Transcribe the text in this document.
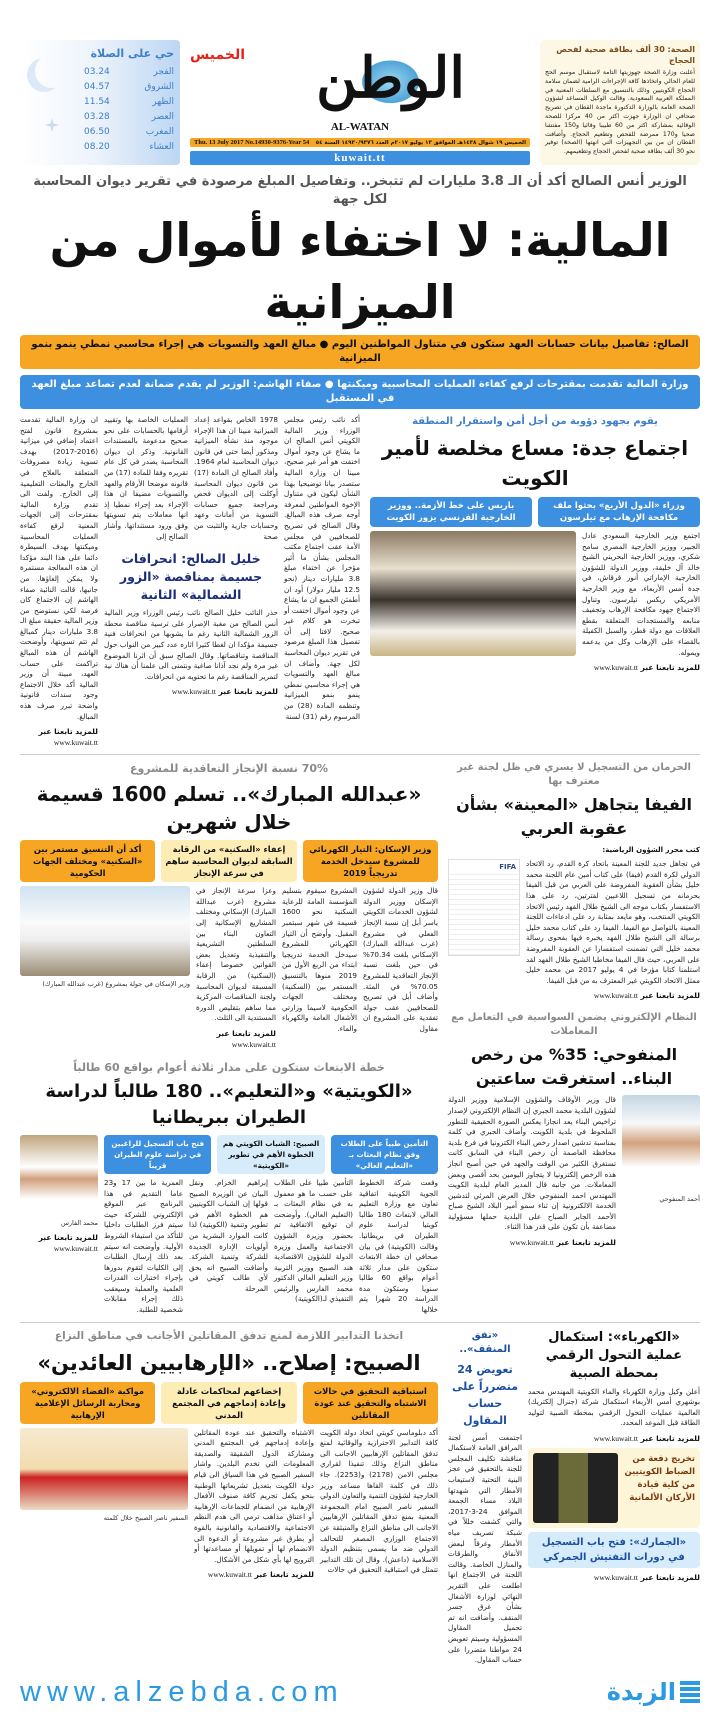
الصحة: 30 ألف بطاقة صحية لفحص الحجاج
أعلنت وزارة الصحة جهوزيتها التامة لاستقبال موسم الحج للعام الحالي واتخاذها كافة الإجراءات الرامية لضمان سلامة الحجاج الكويتيين وذلك بالتنسيق مع السلطات المعنية في المملكة العربية السعودية. وقالت الوكيل المساعد لشؤون الصحة العامة بالوزارة الدكتورة ماجدة القطان في تصريح صحافي ان الوزارة جهزت اكثر من 40 مركزا للصحة الوقائية بمشاركة اكثر من 60 طبيبا وقائيا و150 مفتشا صحيا و170 ممرضة للفحص وتطعيم الحجاج. وأضافت القطان ان من بين التجهيزات التي انهتها (الصحة) توفير نحو 30 ألف بطاقة صحية لفحص الحجاج وتطعيمهم.
الخميس	الوطن
AL-WATAN
Thu. 13 July 2017 No.14930-9376-Year 54 الخميس ١٩ شوال ١٤٣٨هـ الموافق ١٣ يوليو ٢٠١٧م العدد ١٤٩٣٠/٩٣٧٦ السنة ٥٤
kuwait.tt
حي على الصلاة
الفجر
03.24
الشروق
04.57
الظهر
11.54
العصر
03.28
المغرب
06.50
العشاء
08.20
الوزير أنس الصالح أكد أن الـ 3.8 مليارات لم تتبخر.. وتفاصيل المبلغ مرصودة في تقرير ديوان المحاسبة لكل جهة
المالية: لا اختفاء لأموال من الميزانية
الصالح: تفاصيل بيانات حسابات العهد ستكون في متناول المواطنين اليوم ● مبالغ العهد والتسويات هي إجراء محاسبي نمطي ينمو بنمو الميزانية
وزارة المالية تقدمت بمقترحات لرفع كفاءة العمليات المحاسبية وميكنتها ● صفاء الهاشم: الوزير لم يقدم ضمانة لعدم تصاعد مبلغ العهد في المستقبل
يقوم بجهود دؤوبة من أجل أمن واستقرار المنطقة
اجتماع جدة: مساع مخلصة لأمير الكويت
وزراء «الدول الأربع» بحثوا ملف مكافحة الإرهاب مع تيلرسون
باريس على خط الأزمة.. ووزير الخارجية الفرنسي يزور الكويت
اجتمع وزير الخارجية السعودي عادل الجبير، ووزير الخارجية المصري سامح شكري، ووزير الخارجية البحريني الشيخ خالد آل خليفة، ووزير الدولة للشؤون الخارجية الإماراتي أنور قرقاش، في جدة أمس الأربعاء، مع وزير الخارجية الأمريكي ريكس تيلرسون. وتناول الاجتماع جهود مكافحة الإرهاب وتجفيف منابعه والمستجدات المتعلقة بقطع العلاقات مع دولة قطر، والسبل الكفيلة بالقضاء على الإرهاب وكل من يدعمه ويموله.
للمزيد تابعنا عبر www.kuwait.tt
أكد نائب رئيس مجلس الوزراء وزير المالية الكويتي أنس الصالح ان ما يشاع عن وجود أموال اختفت هو أمر غير صحيح، مبينا ان وزارة المالية ستصدر بيانا توضيحيا بهذا الشأن ليكون في متناول الإخوة المواطنين لمعرفة أوجه صرف هذه المبالغ. وقال الصالح في تصريح للصحافيين في مجلس الأمة عقب اجتماع مكتب المجلس بشأن ما أثير مؤخرا عن اختفاء مبلغ 3.8 مليارات دينار (نحو 12.5 مليار دولار) أود ان أطمئن الجميع ان ما يشاع عن وجود أموال اختفت أو تبخرت هو كلام غير صحيح. لافتا إلى أن تفصيل هذا المبلغ مرصود في تقرير ديوان المحاسبة لكل جهة. وأضاف ان مبالغ العهد والتسويات هي إجراء محاسبي نمطي ينمو بنمو الميزانية وتنظمه المادة (28) من المرسوم رقم (31) لسنة
1978 الخاص بقواعد إعداد الميزانية مبينا ان هذا الإجراء موجود منذ نشأة الميزانية ومذكور أيضا حتى في قانون ديوان المحاسبة لعام 1964. وأفاد الصالح ان المادة (17) من قانون ديوان المحاسبة أوكلت إلى الديوان فحص ومراجعة جميع حسابات التسوية من أمانات وعهد وحسابات جارية والتثبت من صحة
العمليات الخاصة بها وتقييد أرقامها بالحسابات على نحو صحيح مدعومة بالمستندات القانونية. وذكر ان ديوان المحاسبة يصدر في كل عام تقريره وفقا للمادة (17) من قانونه موضحا الأرقام والعهد والتسويات مضيفا ان هذا الإجراء بعد إجراء نمطيا إذ انها معاملات يتم تسويتها وفق ورود مستنداتها. وأشار الصالح إلى
خليل الصالح: انحرافات جسيمة بمناقصة «الزور الشمالية» الثانية
حذر النائب خليل الصالح نائب رئيس الوزراء وزير المالية أنس الصالح من مغبة الإصرار على ترسية مناقصة محطة الزور الشمالية الثانية رغم ما يشوبها من انحرافات فنية جسيمة مؤكدا ان لغطا كثيرا اثاره عدد كبير من النواب حول المناقصة وتناقضاتها. وقال الصالح سبق أن اثرنا الموضوع غير مرة ولم نجد آذانا صاغية ونتمنى الى علمنا أن هناك نية لتمرير المناقصة رغم ما تحتويه من انحرافات.
للمزيد تابعنا عبر www.kuwait.tt
ان وزارة المالية تقدمت بمشروع قانون لفتح اعتماد إضافي في ميزانية (2016-2017) بهدف تسوية زيادة مصروفات المتعلقة بالعلاج في الخارج والبعثات التعليمية إلى الخارج. ولفت الى تقدم وزارة المالية بمقترحات إلى الجهات المعنية لرفع كفاءة العمليات المحاسبية وميكنتها بهدف السيطرة دائما على هذا البند مؤكدا ان هذه المعالجة مستمرة ولا يمكن إلغاؤها. من جانبها، قالت النائبة صفاء الهاشم إن الاجتماع كان فرصة لكي نستوضح من وزير المالية حقيقة مبلغ الـ 3.8 مليارات دينار كمبالغ لم تتم تسويتها، وأوضحت الهاشم أن هذه المبالغ تراكمت على حساب العهد، مبينة أن وزير المالية أكد خلال الاجتماع وجود سندات قانونية واضحة تبرر صرف هذه المبالغ.
للمزيد تابعنا عبر
www.kuwait.tt
الحرمان من التسجيل لا يسري في ظل لجنة غير معترف بها
الفيفا يتجاهل «المعينة» بشأن عقوبة العربي
كتب محرر الشؤون الرياضية:
في تجاهل جديد للجنة المعينة باتحاد كرة القدم، رد الاتحاد الدولي لكرة القدم (فيفا) على كتاب أمين عام اللجنة محمد خليل بشأن العقوبة المفروضة على العربي من قبل الفيفا بحرمانه من تسجيل اللاعبين لفترتين، رد على هذا الاستفسار بكتاب موجه الى الشيخ طلال الفهد رئيس الاتحاد الكويتي المنتخب، وهو مايعد بمثابة رد على ادعاءات اللجنة المعينة بالتواصل مع الفيفا. الفيفا رد على كتاب محمد خليل برسالة الى الشيخ طلال الفهد يخبره فيها بفحوى رسالة محمد خليل التي تضمنت استفسارا عن العقوبة المفروضة على العربي، حيث قال الفيفا مخاطبا الشيخ طلال الفهد لقد استلمنا كتابا مؤرخا في 4 يوليو 2017 من محمد خليل ممثل الاتحاد الكويتي غير المعترف به من قبل الفيفا.
للمزيد تابعنا عبر www.kuwait.tt
FIFA
النظام الإلكتروني يضمن السواسية في التعامل مع المعاملات
المنفوحي: 35% من رخص البناء.. استغرقت ساعتين
أحمد المنفوحي
قال وزير الأوقاف والشؤون الإسلامية ووزير الدولة لشؤون البلدية محمد الجبري إن النظام الإلكتروني لإصدار تراخيص البناء يعد انجازا يعكس الصورة الحقيقية للتطور الملحوظ في بلدية الكويت. وأضاف الجبري في كلمة بمناسبة تدشين اصدار رخص البناء الكترونيا في فرع بلدية محافظة العاصمة أن رخص البناء في السابق كانت تستغرق الكثير من الوقت والجهد في حين أصبح انجاز هذه الرخص إلكترونيا لا يتجاوز اليومين بحد أقصى وبعض المعاملات. من جانبه قال المدير العام لبلدية الكويت المهندس احمد المنفوحي خلال العرض المرئي لتدشين الخدمة الالكترونية إن ثناء سمو أمير البلاد الشيخ صباح الأحمد الجابر الصباح على البلدية حملها مسؤولية مضاعفة بأن تكون على قدر هذا الثناء.
للمزيد تابعنا عبر www.kuwait.tt
70% نسبة الإنجاز التعاقدية للمشروع
«عبدالله المبارك».. تسلم 1600 قسيمة خلال شهرين
وزير الإسكان: التيار الكهربائي للمشروع سيدخل الخدمة تدريجياً 2019
إعفاء «السكنية» من الرقابة السابقة لديوان المحاسبة ساهم في سرعة الإنجاز
أكد أن التنسيق مستمر بين «السكنية» ومختلف الجهات الحكومية
قال وزير الدولة لشؤون الإسكان ووزير الدولة لشؤون الخدمات الكويتي ياسر أبل إن نسبة الإنجاز الفعلي في مشروع (غرب عبدالله المبارك) الإسكاني بلغت 70.34% في حين بلغت نسبة الإنجاز التعاقدية للمشروع 70.05% في المئة. وأضاف أبل في تصريح للصحافيين عقب جولة تفقدية على المشروع ان مقاول
المشروع سيقوم بتسليم المؤسسة العامة للرعاية السكنية نحو 1600 قسيمة في شهر سبتمبر المقبل. وأوضح أن التيار الكهربائي للمشروع سيدخل الخدمة تدريجيا ابتداء من الربع الأول من 2019 منوها بالتنسيق المستمر بين (السكنية) ومختلف الجهات الحكومية لاسيما وزارتي الأشغال العامة والكهرباء والماء.
وعزا سرعة الإنجاز في مشروع (غرب عبدالله المبارك) الإسكاني ومختلف المشاريع الإسكانية إلى التعاون البناء بين السلطتين التشريعية والتنفيذية وتعديل بعض القوانين خصوصا إعفاء (السكنية) من الرقابة المسبقة لديوان المحاسبة ولجنة المناقصات المركزية مما ساهم بتقليص الدورة المستندية الى الثلث.
للمزيد تابعنا عبر
www.kuwait.tt
وزير الإسكان في جولة بمشروع (غرب عبدالله المبارك)
خطة الابتعاث ستكون على مدار ثلاثة أعوام بواقع 60 طالباً
«الكويتية» و«التعليم».. 180 طالباً لدراسة الطيران ببريطانيا
التأمين طبياً على الطلاب وفق نظام البعثات بـ «التعليم العالي»
الصبيح: الشباب الكويتي هم الخطوة الأهم في تطوير «الكويتية»
فتح باب التسجيل للراغبين في دراسة علوم الطيران قريباً
وقعت شركة الخطوط الجوية الكويتية اتفاقية تعاون مع وزارة التعليم العالي لابتعاث 180 طالبا كويتيا لدراسة علوم الطيران في بريطانيا. وقالت (الكويتية) في بيان صحافي ان خطة الابتعاث ستكون على مدار ثلاثة أعوام بواقع 60 طالبا سنويا وستكون مدة الدراسة 20 شهرا يتم خلالها
التأمين طبيا على الطلاب على حسب ما هو معمول به في نظام البعثات بـ (التعليم العالي). وأوضحت ان توقيع الاتفاقية تم بحضور وزيرة الشؤون الاجتماعية والعمل وزيرة الدولة للشؤون الاقتصادية هند الصبيح ووزير التربية وزير التعليم العالي الدكتور محمد الفارس والرئيس التنفيذي لـ(الكويتية)
إبراهيم الخزام. ونقل البيان عن الوزيرة الصبيح قولها إن الشباب الكويتيين هم الخطوة الأهم في تطوير وتنمية (الكويتية) لذا كانت الموارد البشرية من أولويات الإدارة الجديدة للشركة وتنمية الشركة. وأضافت الصبيح انه يحق لأي طالب كويتي في المرحلة
العمرية ما بين 17 و23 عاما التقديم في هذا البرنامج عبر الموقع الإلكتروني للشركة حيث سيتم فرز الطلبات داخليا للتأكد من استيفاء الشروط الأولية. وأوضحت انه سيتم بعد ذلك إرسال الطلبات إلى الكليات لتقوم بدورها بإجراء اختبارات القدرات العلمية والعملية وسيعقب ذلك إجراء مقابلات شخصية للطلبة.
محمد الفارس
للمزيد تابعنا عبر
www.kuwait.tt
«الكهرباء»: استكمال عملية التحول الرقمي بمحطة الصبية
أعلن وكيل وزارة الكهرباء والماء الكويتية المهندس محمد بوشهري أمس الأربعاء استكمال شركة (جنرال إلكتريك) العالمية عمليات التحول الرقمي بمحطة الصبية لتوليد الطاقة قبل الموعد المحدد.
للمزيد تابعنا عبر www.kuwait.tt
تخريج دفعة من الضباط الكويتيين من كلية قيادة الأركان الألمانية
«الجمارك»: فتح باب التسجيل في دورات التفتيش الجمركي
للمزيد تابعنا عبر www.kuwait.tt
«نفق المنقف»..
تعويض 24 متضرراً على حساب المقاول
اجتمعت أمس لجنة المرافق العامة لاستكمال مناقشة تكليف المجلس للجنة بالتحقيق في عجز البنية التحتية لاستيعاب الأمطار التي شهدتها البلاد مساء الجمعة الموافق 24-3-2017، والتي كشفت خللاً في شبكة تصريف مياه الأمطار وغرقاً لبعض الأنفاق والطرقات والمنازل الخاصة. وقالت اللجنة في الاجتماع انها اطلعت على التقرير النهائي لوزارة الأشغال بشأن غرق جسر المنقف. وأضافت انه تم تحميل المقاول المسؤولية وسيتم تعويض 24 مواطنا متضررا على حساب المقاول.
اتخذنا التدابير اللازمة لمنع تدفق المقاتلين الأجانب في مناطق النزاع
الصبيح: إصلاح.. «الإرهابيين العائدين»
استباقية التحقيق في حالات الاشتباه والتحقيق عند عودة المقاتلين
إخضاعهم لمحاكمات عادلة وإعادة إدماجهم في المجتمع المدني
مواكبة «الفضاء الالكتروني» ومحاربة الرسائل الإعلامية الإرهابية
أكد دبلوماسي كويتي اتخاذ دولة الكويت كافة التدابير الاحترازية والوقائية لمنع تدفق المقاتلين الإرهابيين الاجانب الى مناطق النزاع وذلك تنفيذا لقراري مجلس الامن (2178) و(2253). جاء ذلك في كلمة القاها مساعد وزير الخارجية لشؤون التنمية والتعاون الدولي السفير ناصر الصبيح امام المجموعة المعنية بمنع تدفق المقاتلين الإرهابيين الاجانب الى مناطق النزاع والمنبثقة عن الاجتماع الوزاري المصغر للتحالف الدولي ضد ما يسمى بتنظيم الدولة الاسلامية (داعش). وقال ان تلك التدابير تتمثل في استباقية التحقيق في حالات
الاشتباه والتحقيق عند عودة المقاتلين وإعادة إدماجهم في المجتمع المدني ومشاركة الدول الشقيقة والصديقة المعلومات التي تخدم البلدين. واشار السفير الصبيح في هذا السياق الى قيام دولة الكويت بتعديل تشريعاتها الوطنية بنحو يكفل تجريم كافة صنوف الأفعال الإرهابية من انضمام للجماعات الإرهابية أو اعتناق مذاهب ترمي الى هدم النظم الاجتماعية والاقتصادية والقانونية بالقوة أو بطرق غير مشروعة أو الدعوة الى الانضمام لها أو تمويلها أو مساعدتها أو الترويج لها بأي شكل من الأشكال.
للمزيد تابعنا عبر www.kuwait.tt
السفير ناصر الصبيح خلال كلمته
www.alzebda.com	الزبدة
